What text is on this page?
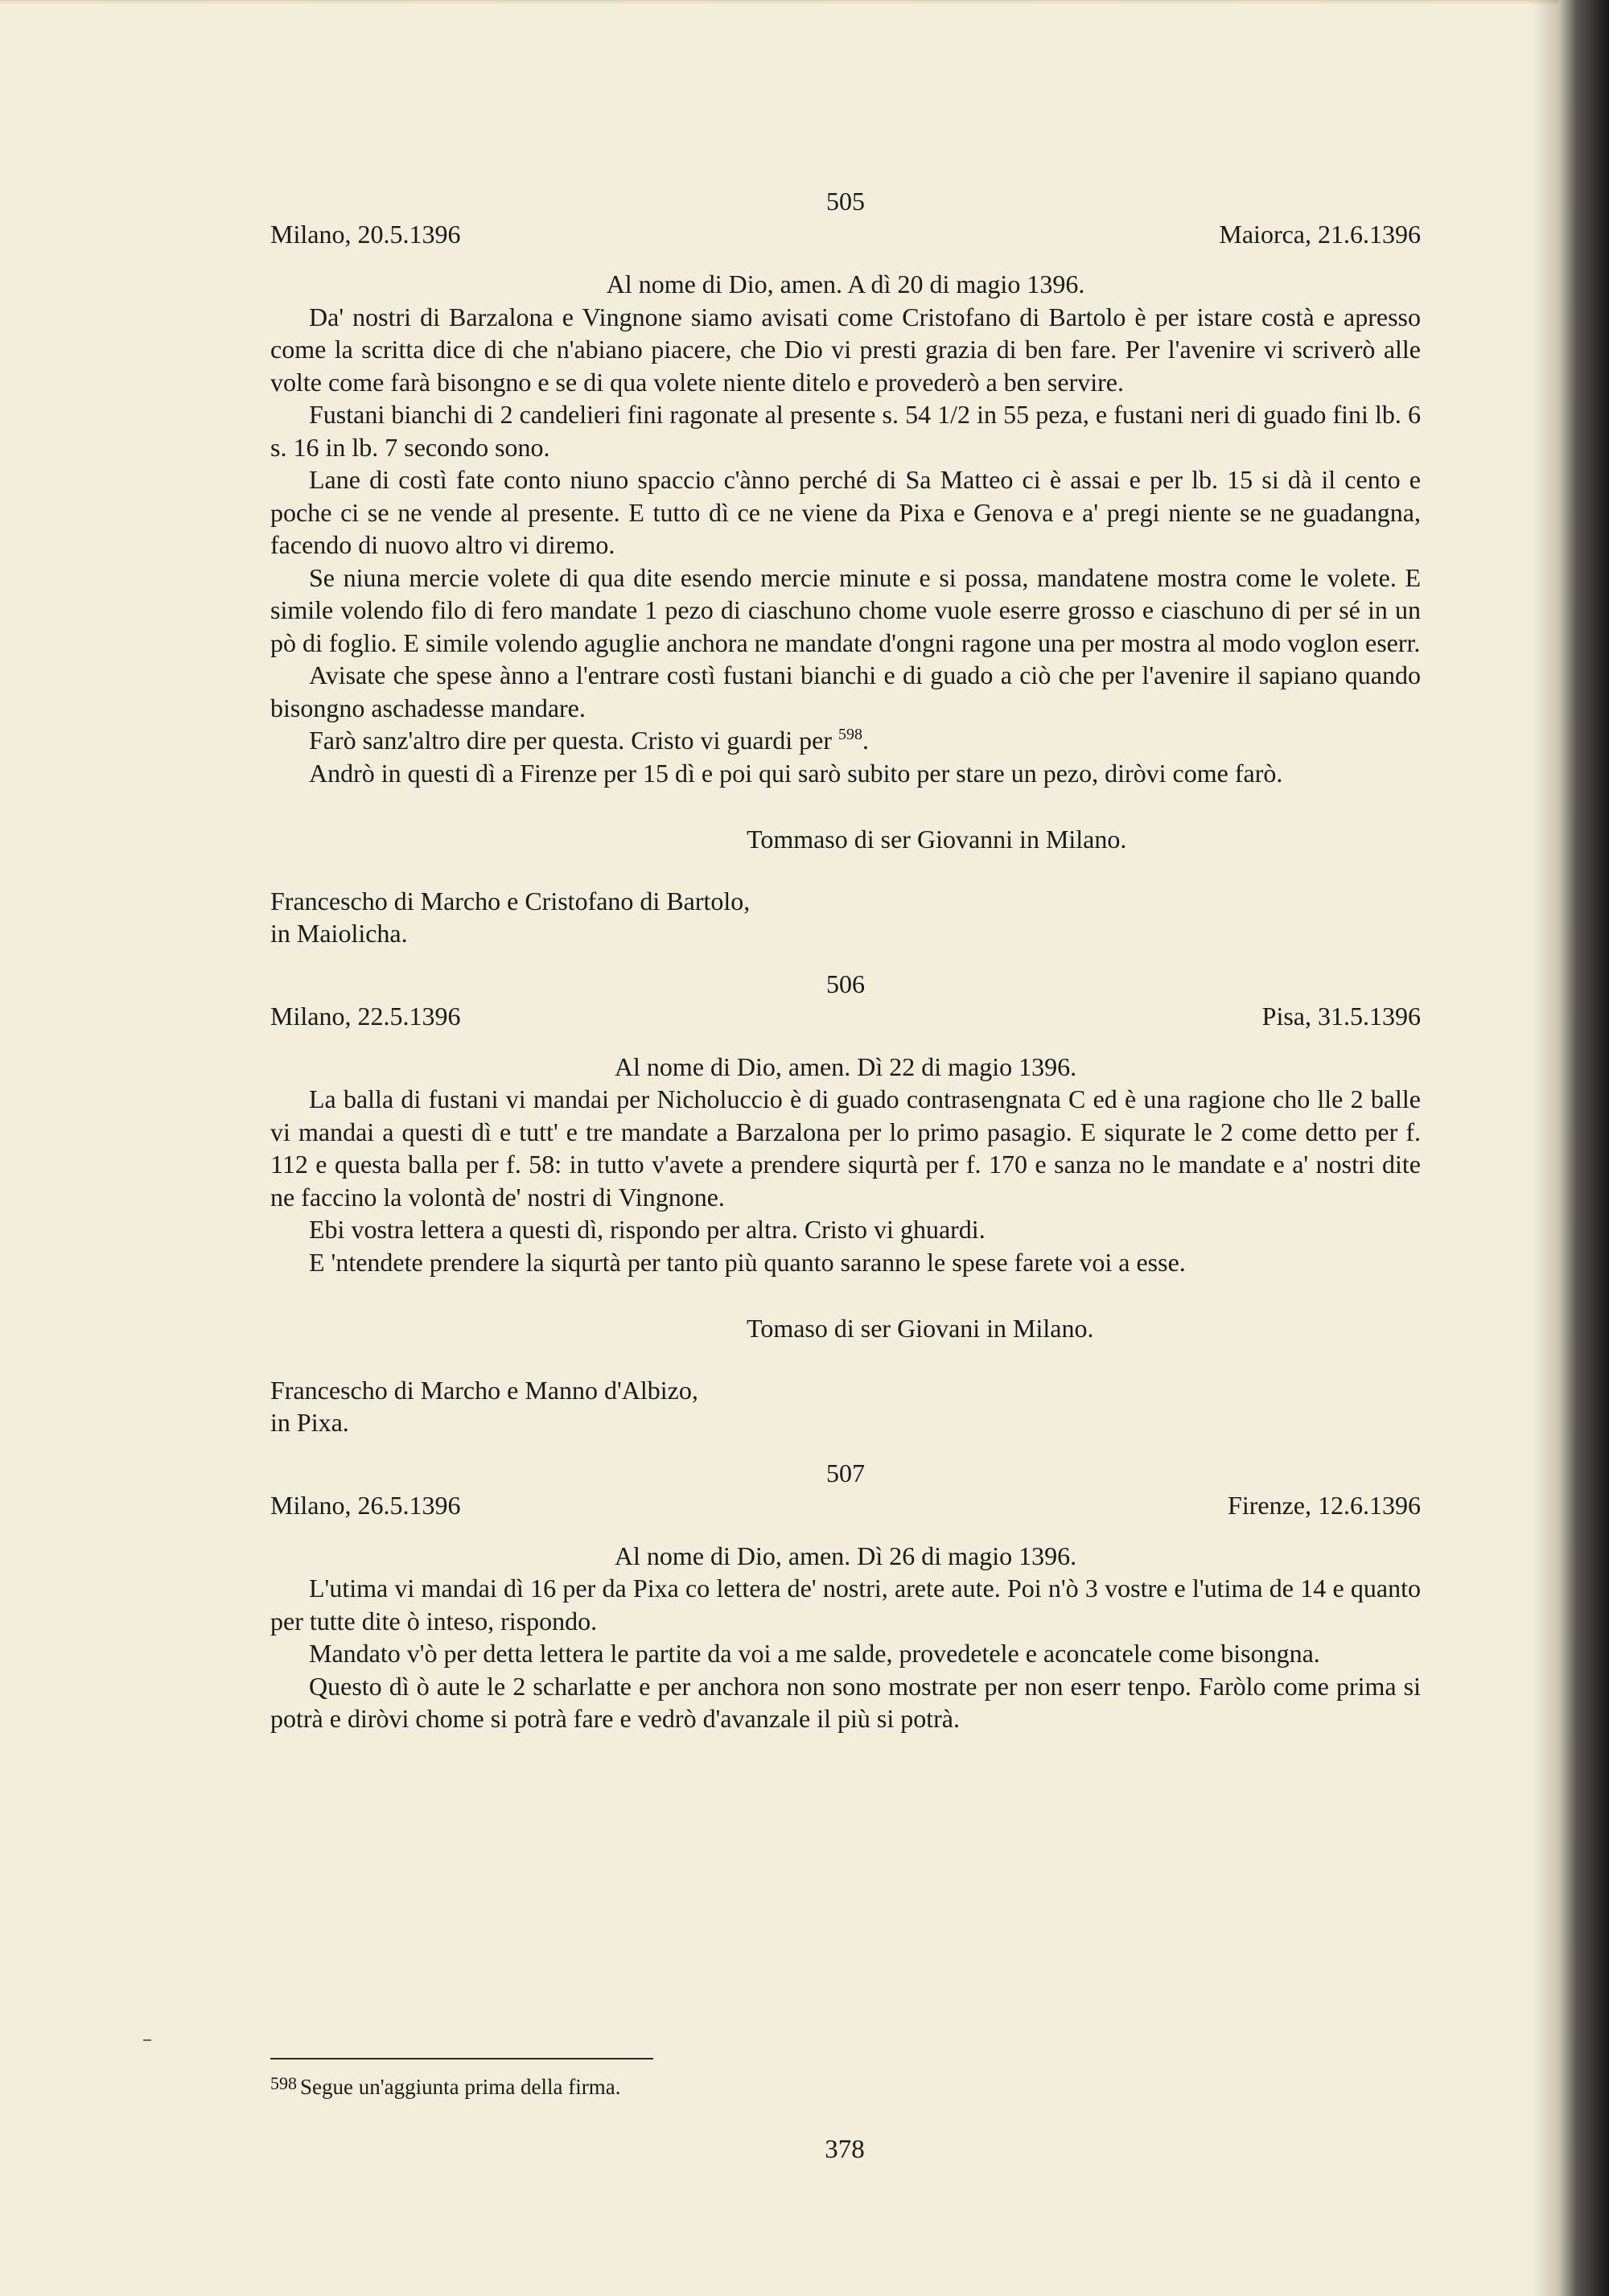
505
Milano, 20.5.1396	Maiorca, 21.6.1396
Al nome di Dio, amen. A dì 20 di magio 1396.

Da' nostri di Barzalona e Vingnone siamo avisati come Cristofano di Bartolo è per istare costà e apresso come la scritta dice di che n'abiano piacere, che Dio vi presti grazia di ben fare. Per l'avenire vi scriverò alle volte come farà bisongno e se di qua volete niente ditelo e provederò a ben servire.

Fustani bianchi di 2 candelieri fini ragonate al presente s. 54 1/2 in 55 peza, e fustani neri di guado fini lb. 6 s. 16 in lb. 7 secondo sono.

Lane di costì fate conto niuno spaccio c'ànno perché di Sa Matteo ci è assai e per lb. 15 si dà il cento e poche ci se ne vende al presente. E tutto dì ce ne viene da Pixa e Genova e a' pregi niente se ne guadangna, facendo di nuovo altro vi diremo.

Se niuna mercie volete di qua dite esendo mercie minute e si possa, mandatene mostra come le volete. E simile volendo filo di fero mandate 1 pezo di ciaschuno chome vuole eserre grosso e ciaschuno di per sé in un pò di foglio. E simile volendo aguglie anchora ne mandate d'ongni ragone una per mostra al modo voglon eserr.

Avisate che spese ànno a l'entrare costì fustani bianchi e di guado a ciò che per l'avenire il sapiano quando bisongno aschadesse mandare.

Farò sanz'altro dire per questa. Cristo vi guardi per $^{598}$.

Andrò in questi dì a Firenze per 15 dì e poi qui sarò subito per stare un pezo, diròvi come farò.

Tommaso di ser Giovanni in Milano.
Franceschо di Marcho e Cristofano di Bartolo,
in Maiolicha.
506
Milano, 22.5.1396	Pisa, 31.5.1396
Al nome di Dio, amen. Dì 22 di magio 1396.

La balla di fustani vi mandai per Nicholuccio è di guado contrasengnata C ed è una ragione cho lle 2 balle vi mandai a questi dì e tutt' e tre mandate a Barzalona per lo primo pasagio. E siqurate le 2 come detto per f. 112 e questa balla per f. 58: in tutto v'avete a prendere siqurtà per f. 170 e sanza no le mandate e a' nostri dite ne faccino la volontà de' nostri di Vingnone.

Ebi vostra lettera a questi dì, rispondo per altra. Cristo vi ghuardi.

E 'ntendete prendere la siqurtà per tanto più quanto saranno le spese farete voi a esse.

Tomaso di ser Giovani in Milano.
Franceschо di Marcho e Manno d'Albizo,
in Pixa.
507
Milano, 26.5.1396	Firenze, 12.6.1396
Al nome di Dio, amen. Dì 26 di magio 1396.

L'utima vi mandai dì 16 per da Pixa co lettera de' nostri, arete aute. Poi n'ò 3 vostre e l'utima de 14 e quanto per tutte dite ò inteso, rispondo.

Mandato v'ò per detta lettera le partite da voi a me salde, provedetele e aconcatele come bisongna.

Questo dì ò aute le 2 scharlatte e per anchora non sono mostrate per non eserr tenpo. Faròlo come prima si potrà e diròvi chome si potrà fare e vedrò d'avanzale il più si potrà.

$^{598}$ Segue un'aggiunta prima della firma.
378
